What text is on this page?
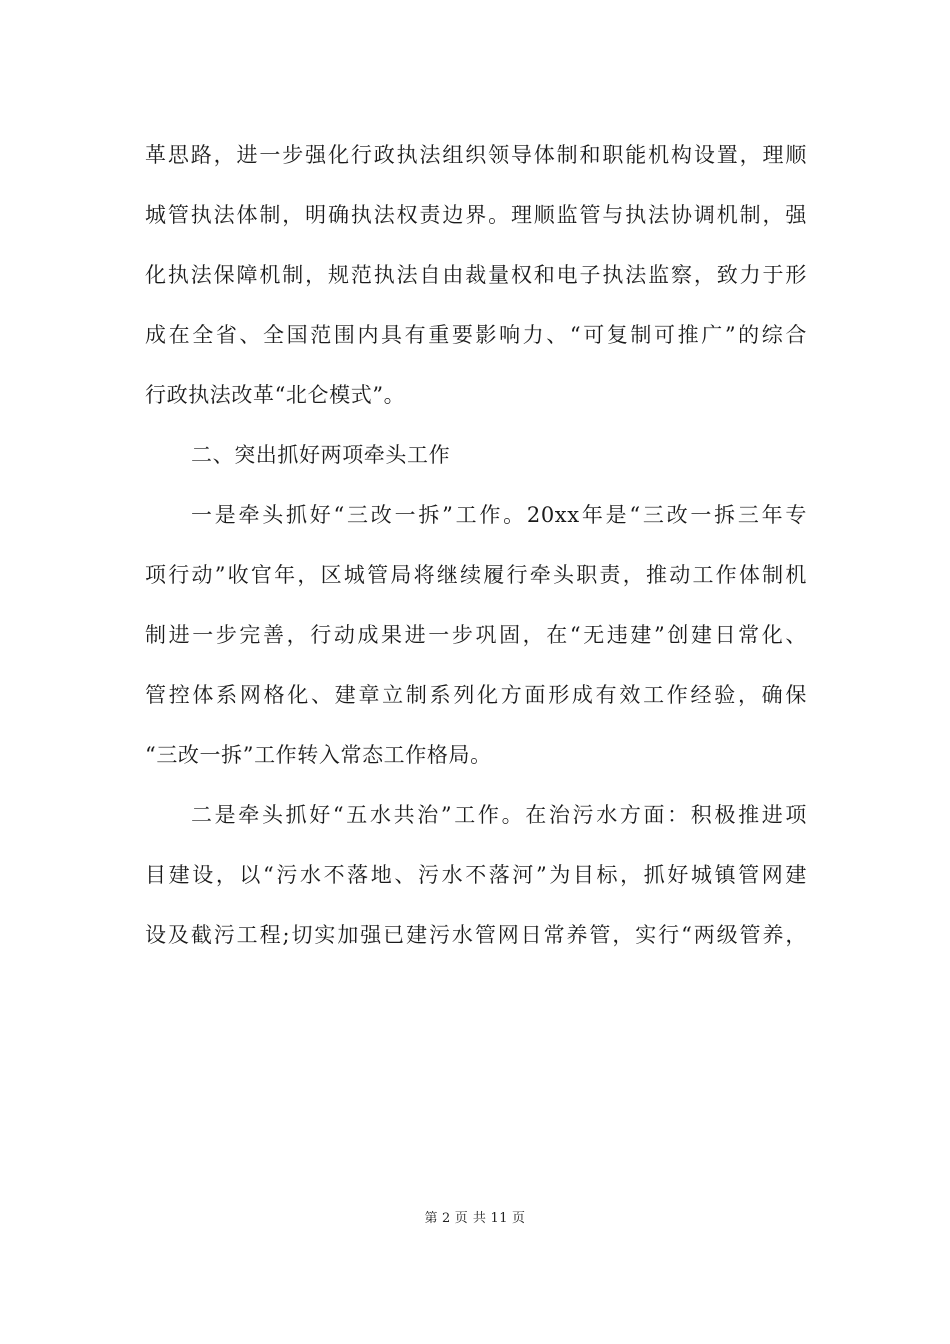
革思路，进一步强化行政执法组织领导体制和职能机构设置，理顺
城管执法体制，明确执法权责边界。理顺监管与执法协调机制，强
化执法保障机制，规范执法自由裁量权和电子执法监察，致力于形
成在全省、全国范围内具有重要影响力、“可复制可推广”的综合
行政执法改革“北仑模式”。
二、突出抓好两项牵头工作
一是牵头抓好“三改一拆”工作。20xx年是“三改一拆三年专
项行动”收官年，区城管局将继续履行牵头职责，推动工作体制机
制进一步完善，行动成果进一步巩固，在“无违建”创建日常化、
管控体系网格化、建章立制系列化方面形成有效工作经验，确保
“三改一拆”工作转入常态工作格局。
二是牵头抓好“五水共治”工作。在治污水方面：积极推进项
目建设，以“污水不落地、污水不落河”为目标，抓好城镇管网建
设及截污工程;切实加强已建污水管网日常养管，实行“两级管养，
第 2 页 共 11 页
